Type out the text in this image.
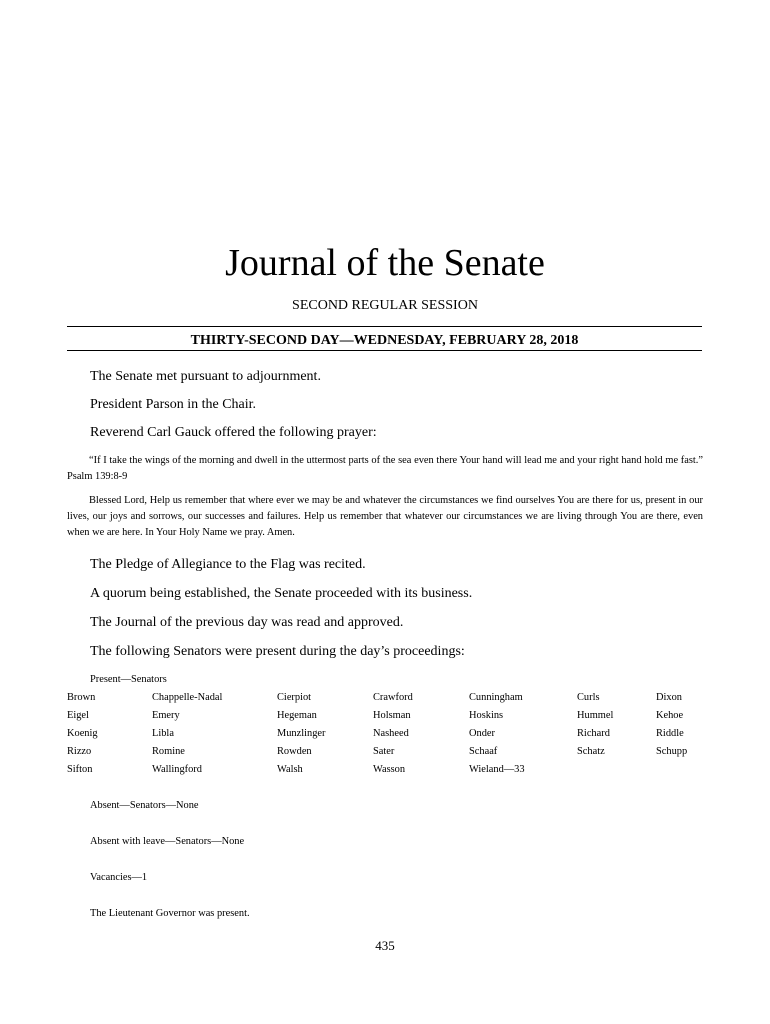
Journal of the Senate
SECOND REGULAR SESSION
THIRTY-SECOND DAY—WEDNESDAY, FEBRUARY 28, 2018
The Senate met pursuant to adjournment.
President Parson in the Chair.
Reverend Carl Gauck offered the following prayer:
“If I take the wings of the morning and dwell in the uttermost parts of the sea even there Your hand will lead me and your right hand hold me fast.” Psalm 139:8-9
Blessed Lord, Help us remember that where ever we may be and whatever the circumstances we find ourselves You are there for us, present in our lives, our joys and sorrows, our successes and failures. Help us remember that whatever our circumstances we are living through You are there, even when we are here. In Your Holy Name we pray. Amen.
The Pledge of Allegiance to the Flag was recited.
A quorum being established, the Senate proceeded with its business.
The Journal of the previous day was read and approved.
The following Senators were present during the day’s proceedings:
Present—Senators
Brown	Chappelle-Nadal	Cierpiot	Crawford	Cunningham	Curls	Dixon
Eigel	Emery	Hegeman	Holsman	Hoskins	Hummel	Kehoe
Koenig	Libla	Munzlinger	Nasheed	Onder	Richard	Riddle
Rizzo	Romine	Rowden	Sater	Schaaf	Schatz	Schupp
Sifton	Wallingford	Walsh	Wasson	Wieland—33
Absent—Senators—None
Absent with leave—Senators—None
Vacancies—1
The Lieutenant Governor was present.
435
